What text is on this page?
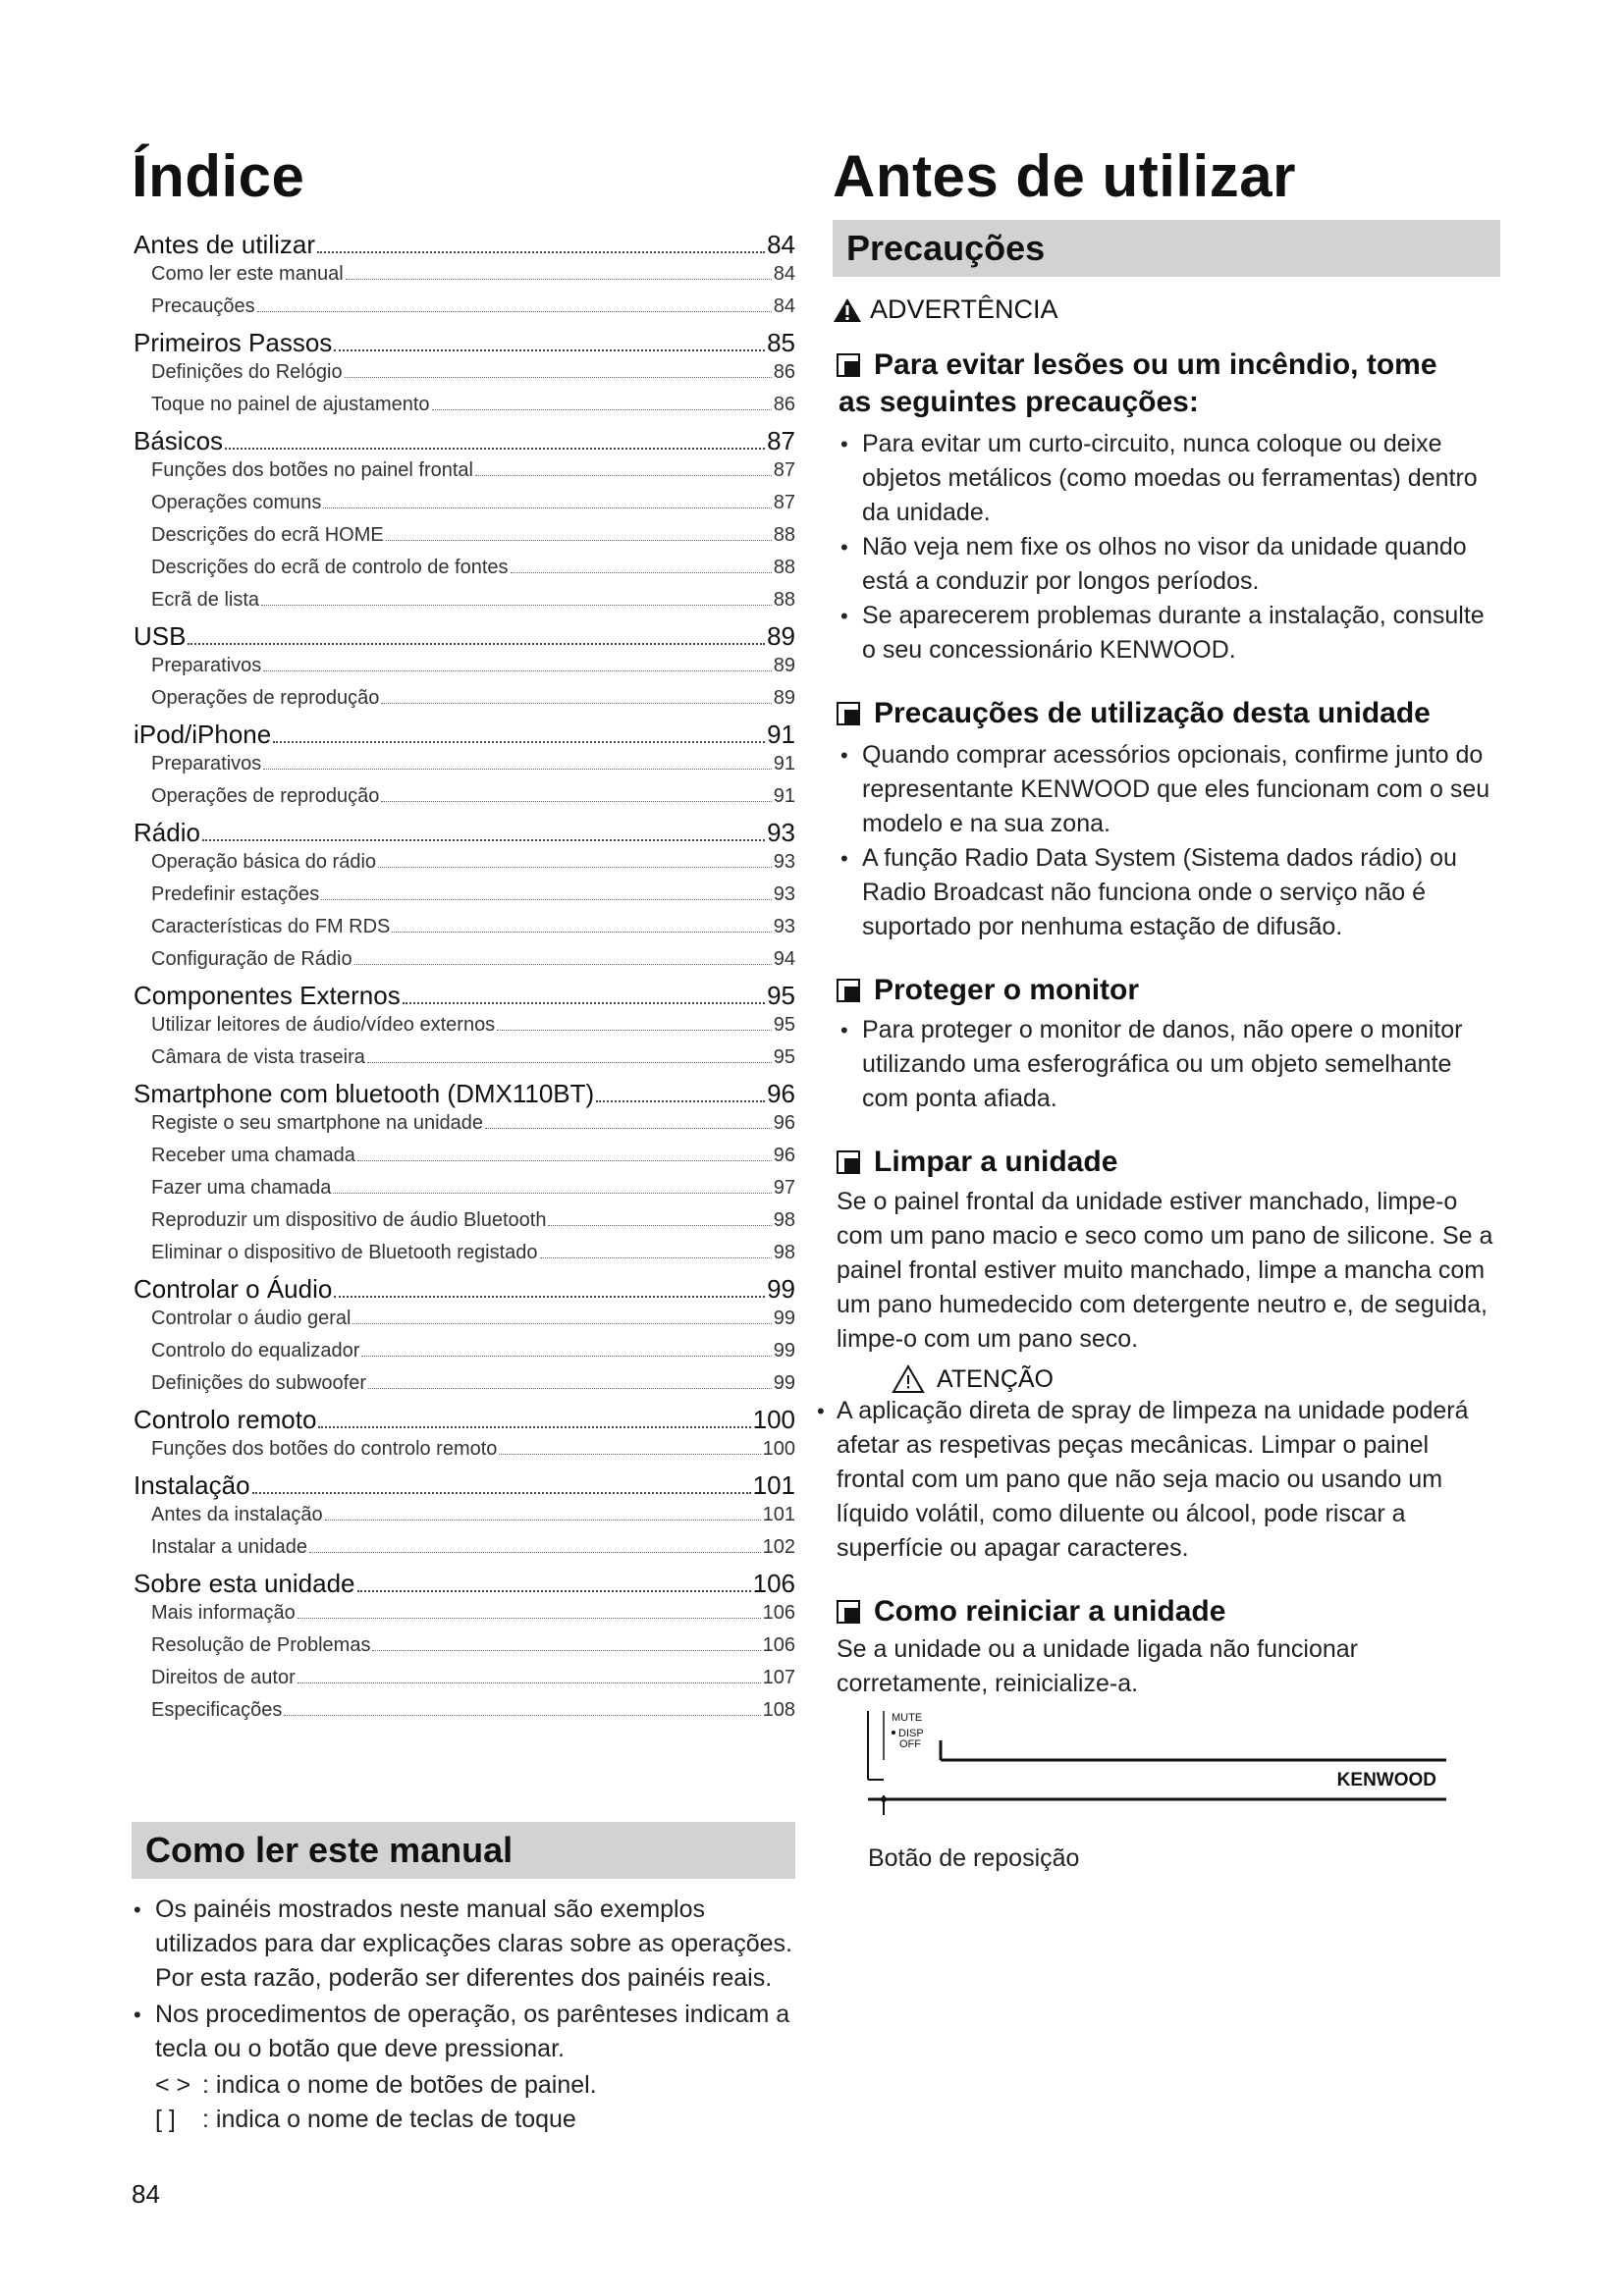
Índice
Antes de utilizar	84
Como ler este manual	84
Precauções	84
Primeiros Passos	85
Definições do Relógio	86
Toque no painel de ajustamento	86
Básicos	87
Funções dos botões no painel frontal	87
Operações comuns	87
Descrições do ecrã HOME	88
Descrições do ecrã de controlo de fontes	88
Ecrã de lista	88
USB	89
Preparativos	89
Operações de reprodução	89
iPod/iPhone	91
Preparativos	91
Operações de reprodução	91
Rádio	93
Operação básica do rádio	93
Predefinir estações	93
Características do FM RDS	93
Configuração de Rádio	94
Componentes Externos	95
Utilizar leitores de áudio/vídeo externos	95
Câmara de vista traseira	95
Smartphone com bluetooth (DMX110BT)	96
Registe o seu smartphone na unidade	96
Receber uma chamada	96
Fazer uma chamada	97
Reproduzir um dispositivo de áudio Bluetooth	98
Eliminar o dispositivo de Bluetooth registado	98
Controlar o Áudio	99
Controlar o áudio geral	99
Controlo do equalizador	99
Definições do subwoofer	99
Controlo remoto	100
Funções dos botões do controlo remoto	100
Instalação	101
Antes da instalação	101
Instalar a unidade	102
Sobre esta unidade	106
Mais informação	106
Resolução de Problemas	106
Direitos de autor	107
Especificações	108
Como ler este manual
• Os painéis mostrados neste manual são exemplos utilizados para dar explicações claras sobre as operações. Por esta razão, poderão ser diferentes dos painéis reais.
• Nos procedimentos de operação, os parênteses indicam a tecla ou o botão que deve pressionar.
< > : indica o nome de botões de painel.
[ ] : indica o nome de teclas de toque
84
Antes de utilizar
Precauções
ADVERTÊNCIA
Para evitar lesões ou um incêndio, tome
as seguintes precauções:
• Para evitar um curto-circuito, nunca coloque ou deixe objetos metálicos (como moedas ou ferramentas) dentro da unidade.
• Não veja nem fixe os olhos no visor da unidade quando está a conduzir por longos períodos.
• Se aparecerem problemas durante a instalação, consulte o seu concessionário KENWOOD.
Precauções de utilização desta unidade
• Quando comprar acessórios opcionais, confirme junto do representante KENWOOD que eles funcionam com o seu modelo e na sua zona.
• A função Radio Data System (Sistema dados rádio) ou Radio Broadcast não funciona onde o serviço não é suportado por nenhuma estação de difusão.
Proteger o monitor
• Para proteger o monitor de danos, não opere o monitor utilizando uma esferográfica ou um objeto semelhante com ponta afiada.
Limpar a unidade
Se o painel frontal da unidade estiver manchado, limpe-o com um pano macio e seco como um pano de silicone. Se a painel frontal estiver muito manchado, limpe a mancha com um pano humedecido com detergente neutro e, de seguida, limpe-o com um pano seco.
ATENÇÃO
• A aplicação direta de spray de limpeza na unidade poderá afetar as respetivas peças mecânicas. Limpar o painel frontal com um pano que não seja macio ou usando um líquido volátil, como diluente ou álcool, pode riscar a superfície ou apagar caracteres.
Como reiniciar a unidade
Se a unidade ou a unidade ligada não funcionar corretamente, reinicialize-a.
MUTE
DISP
OFF
KENWOOD
Botão de reposição
